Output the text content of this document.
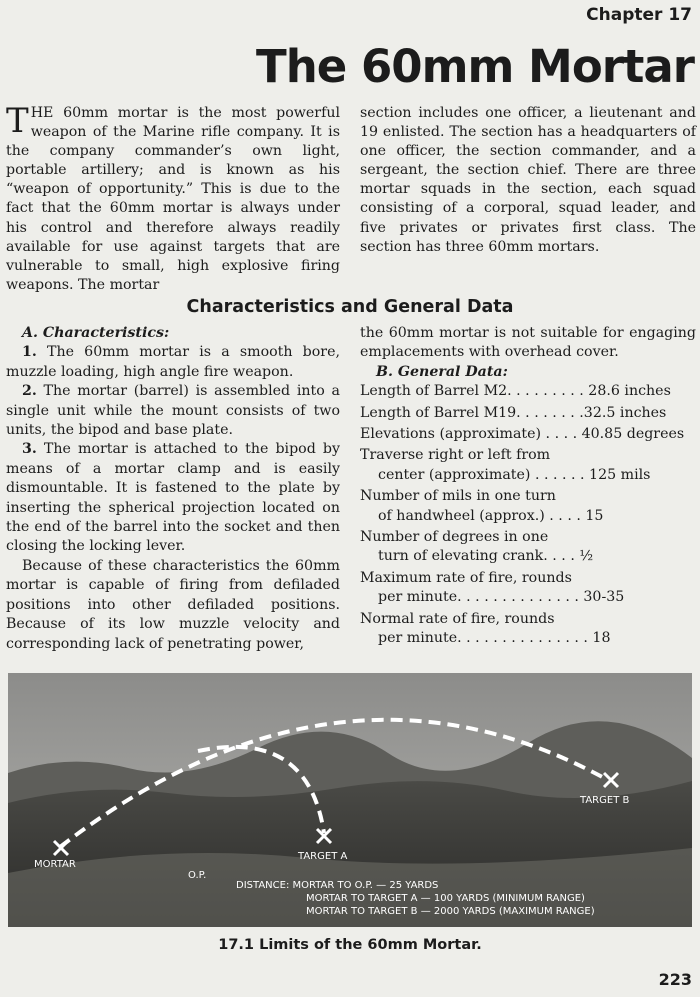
Chapter 17
The 60mm Mortar
THE 60mm mortar is the most powerful weapon of the Marine rifle company. It is the company commander’s own light, portable artillery; and is known as his “weapon of opportunity.” This is due to the fact that the 60mm mortar is always under his control and therefore always readily available for use against targets that are vulnerable to small, high explosive firing weapons. The mortar
section includes one officer, a lieutenant and 19 enlisted. The section has a headquarters of one officer, the section commander, and a sergeant, the section chief. There are three mortar squads in the section, each squad consisting of a corporal, squad leader, and five privates or privates first class. The section has three 60mm mortars.
Characteristics and General Data
A. Characteristics:
1. The 60mm mortar is a smooth bore, muzzle loading, high angle fire weapon.
2. The mortar (barrel) is assembled into a single unit while the mount consists of two units, the bipod and base plate.
3. The mortar is attached to the bipod by means of a mortar clamp and is easily dismountable. It is fastened to the plate by inserting the spherical projection located on the end of the barrel into the socket and then closing the locking lever.
Because of these characteristics the 60mm mortar is capable of firing from defiladed positions into other defiladed positions. Because of its low muzzle velocity and corresponding lack of penetrating power,
the 60mm mortar is not suitable for engaging emplacements with overhead cover.
B. General Data:
Length of Barrel M2. . . . . . . . . 28.6 inches
Length of Barrel M19. . . . . . . .32.5 inches
Elevations (approximate) . . . . 40.85 degrees
Traverse right or left from
center (approximate) . . . . . . 125 mils
Number of mils in one turn
of handwheel (approx.) . . . . 15
Number of degrees in one
turn of elevating crank. . . . ½
Maximum rate of fire, rounds
per minute. . . . . . . . . . . . . . 30-35
Normal rate of fire, rounds
per minute. . . . . . . . . . . . . . . 18
MORTAR
O.P.
TARGET A
TARGET B
DISTANCE: MORTAR TO O.P. — 25 YARDS
MORTAR TO TARGET A — 100 YARDS (MINIMUM RANGE)
MORTAR TO TARGET B — 2000 YARDS (MAXIMUM RANGE)
17.1 Limits of the 60mm Mortar.
223
